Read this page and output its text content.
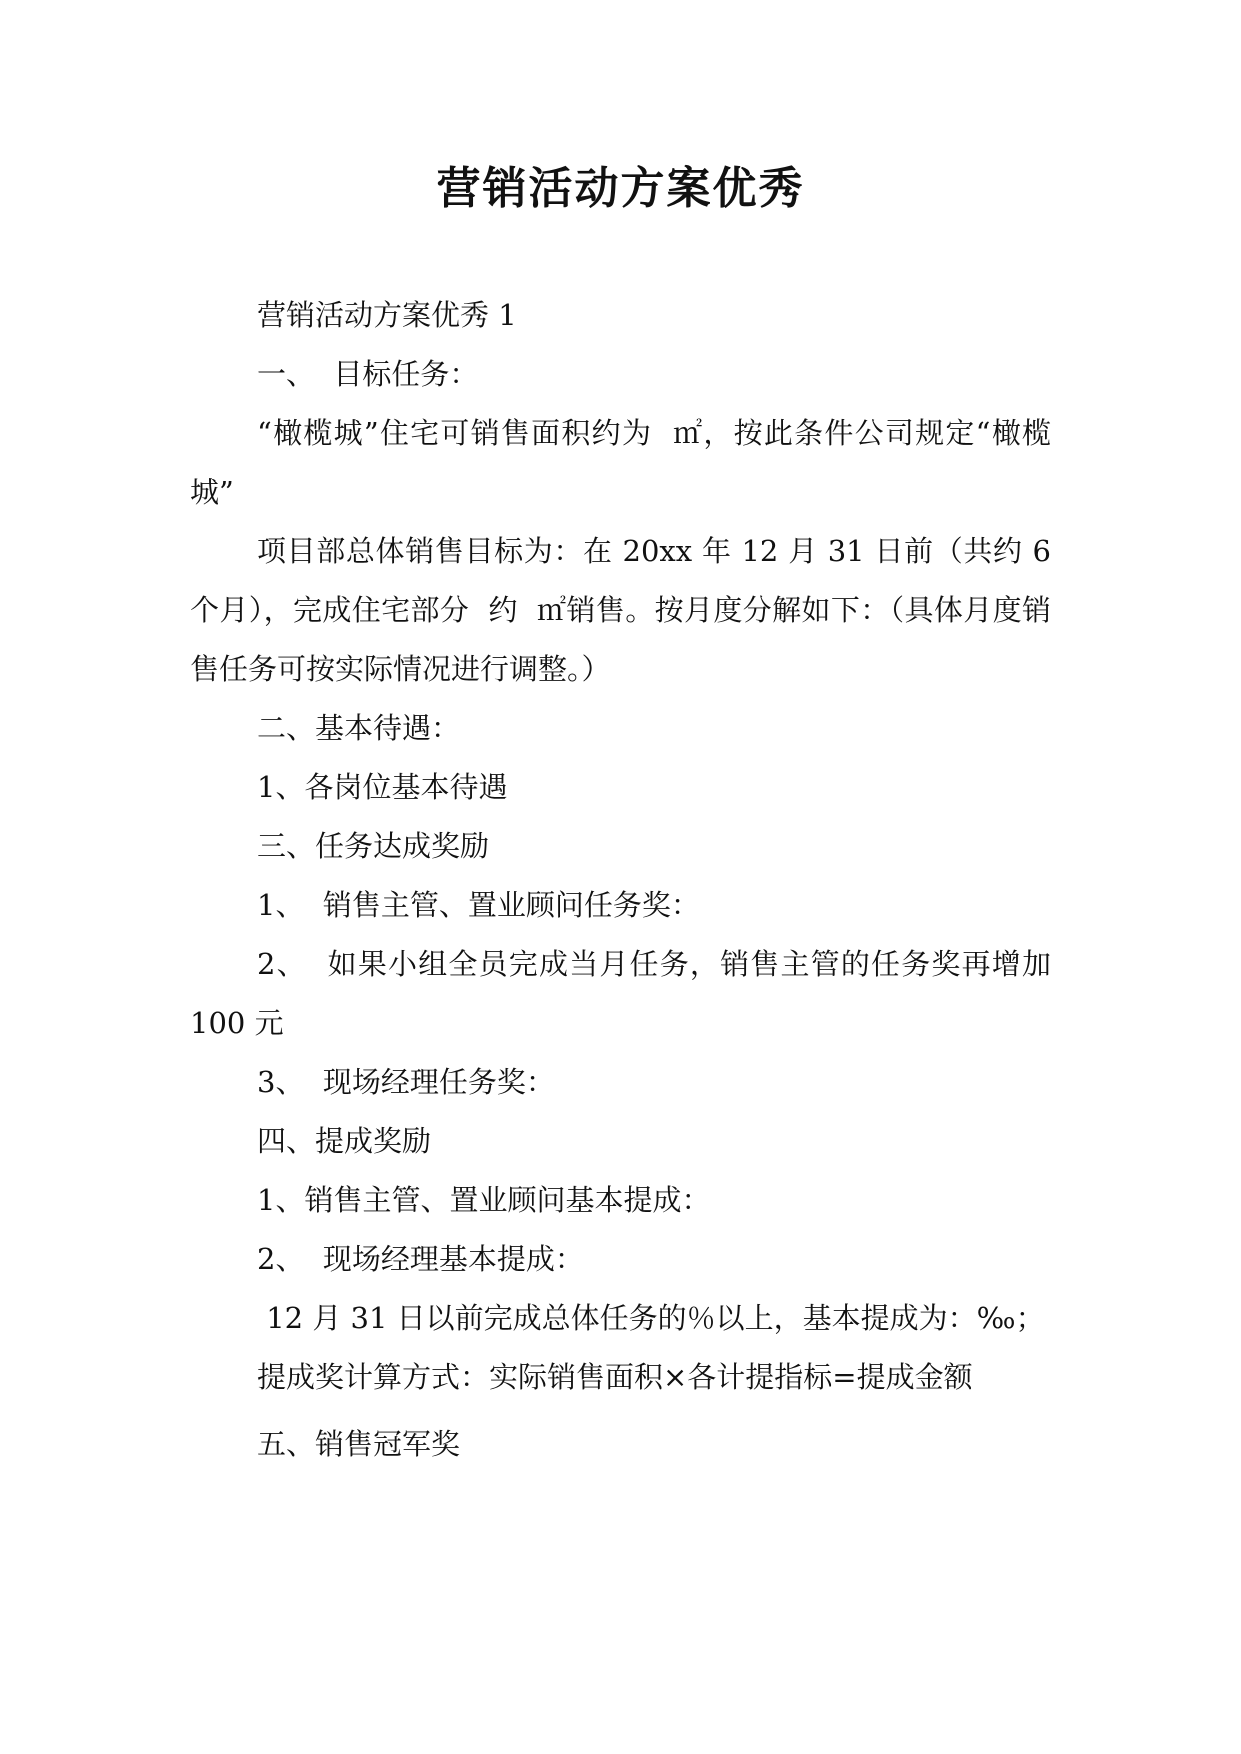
营销活动方案优秀

营销活动方案优秀 1

一、  目标任务：

“橄榄城”住宅可销售面积约为  ㎡，按此条件公司规定“橄榄城”

项目部总体销售目标为：在 20xx 年 12 月 31 日前（共约 6 个月），完成住宅部分  约  ㎡销售。按月度分解如下：（具体月度销售任务可按实际情况进行调整。）

二、基本待遇：

1、各岗位基本待遇

三、任务达成奖励

1、  销售主管、置业顾问任务奖：

2、  如果小组全员完成当月任务，销售主管的任务奖再增加 100 元

3、  现场经理任务奖：

四、提成奖励

1、销售主管、置业顾问基本提成：

2、  现场经理基本提成：

12 月 31 日以前完成总体任务的％以上，基本提成为：‰；

提成奖计算方式：实际销售面积×各计提指标=提成金额

五、销售冠军奖
